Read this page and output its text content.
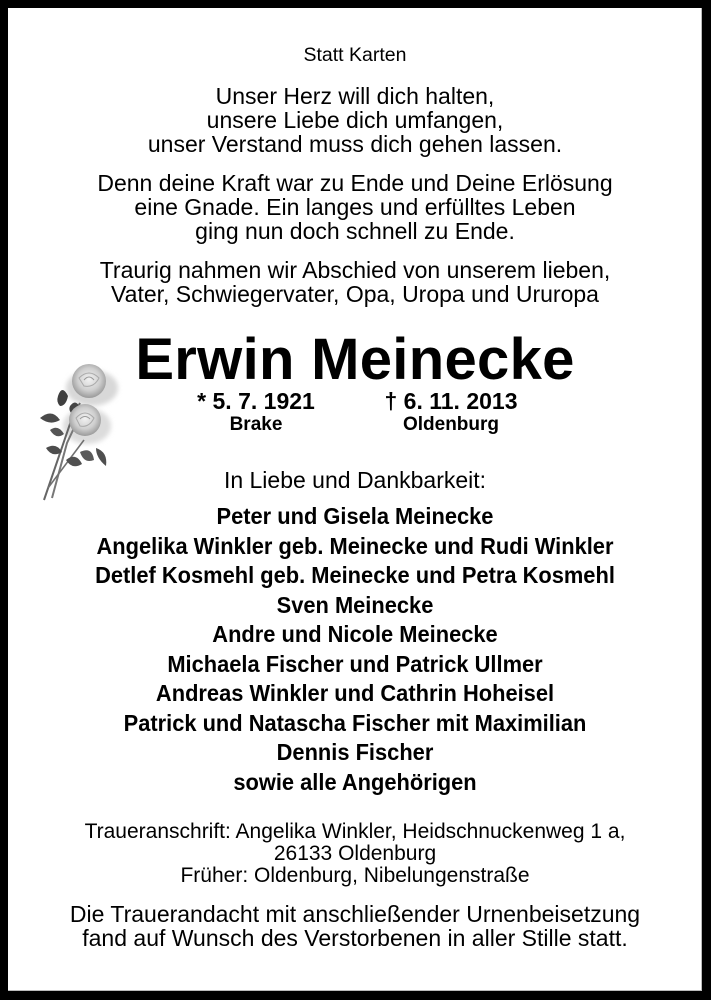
Statt Karten
Unser Herz will dich halten,
unsere Liebe dich umfangen,
unser Verstand muss dich gehen lassen.
Denn deine Kraft war zu Ende und Deine Erlösung
eine Gnade. Ein langes und erfülltes Leben
ging nun doch schnell zu Ende.
Traurig nahmen wir Abschied von unserem lieben,
Vater, Schwiegervater, Opa, Uropa und Ururopa
Erwin Meinecke
* 5. 7. 1921
Brake
† 6. 11. 2013
Oldenburg
In Liebe und Dankbarkeit:
Peter und Gisela Meinecke
Angelika Winkler geb. Meinecke und Rudi Winkler
Detlef Kosmehl geb. Meinecke und Petra Kosmehl
Sven Meinecke
Andre und Nicole Meinecke
Michaela Fischer und Patrick Ullmer
Andreas Winkler und Cathrin Hoheisel
Patrick und Natascha Fischer mit Maximilian
Dennis Fischer
sowie alle Angehörigen
Traueranschrift: Angelika Winkler, Heidschnuckenweg 1 a,
26133 Oldenburg
Früher: Oldenburg, Nibelungenstraße
Die Trauerandacht mit anschließender Urnenbeisetzung
fand auf Wunsch des Verstorbenen in aller Stille statt.
